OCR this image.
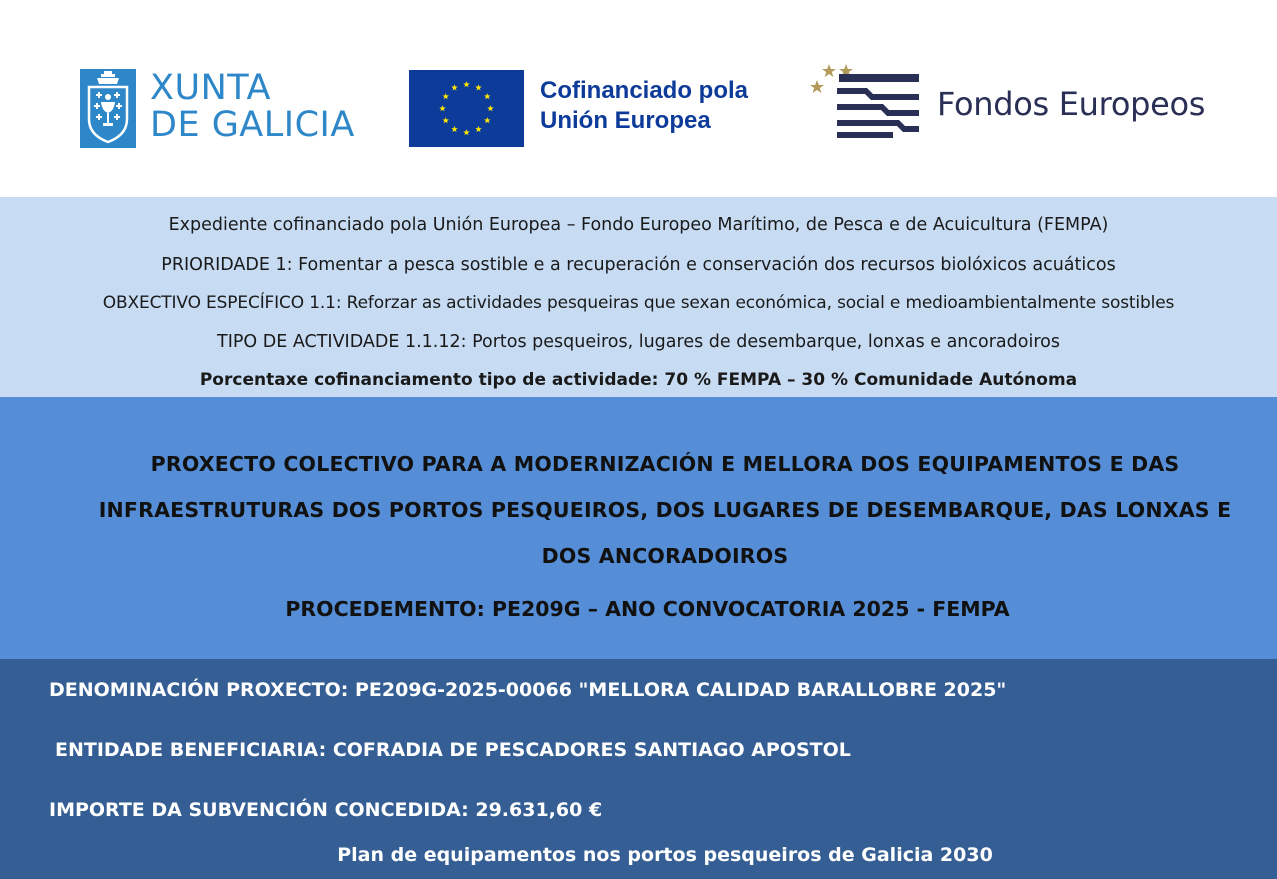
XUNTA
DE GALICIA
Cofinanciado pola
Unión Europea	Fondos Europeos
Expediente cofinanciado pola Unión Europea – Fondo Europeo Marítimo, de Pesca e de Acuicultura (FEMPA)
PRIORIDADE 1: Fomentar a pesca sostible e a recuperación e conservación dos recursos biolóxicos acuáticos
OBXECTIVO ESPECÍFICO 1.1: Reforzar as actividades pesqueiras que sexan económica, social e medioambientalmente sostibles
TIPO DE ACTIVIDADE 1.1.12: Portos pesqueiros, lugares de desembarque, lonxas e ancoradoiros
Porcentaxe cofinanciamento tipo de actividade: 70 % FEMPA – 30 % Comunidade Autónoma
PROXECTO COLECTIVO PARA A MODERNIZACIÓN E MELLORA DOS EQUIPAMENTOS E DAS
INFRAESTRUTURAS DOS PORTOS PESQUEIROS, DOS LUGARES DE DESEMBARQUE, DAS LONXAS E
DOS ANCORADOIROS
PROCEDEMENTO: PE209G – ANO CONVOCATORIA 2025 - FEMPA
DENOMINACIÓN PROXECTO: PE209G-2025-00066 "MELLORA CALIDAD BARALLOBRE 2025"
ENTIDADE BENEFICIARIA: COFRADIA DE PESCADORES SANTIAGO APOSTOL
IMPORTE DA SUBVENCIÓN CONCEDIDA: 29.631,60 €
Plan de equipamentos nos portos pesqueiros de Galicia 2030
